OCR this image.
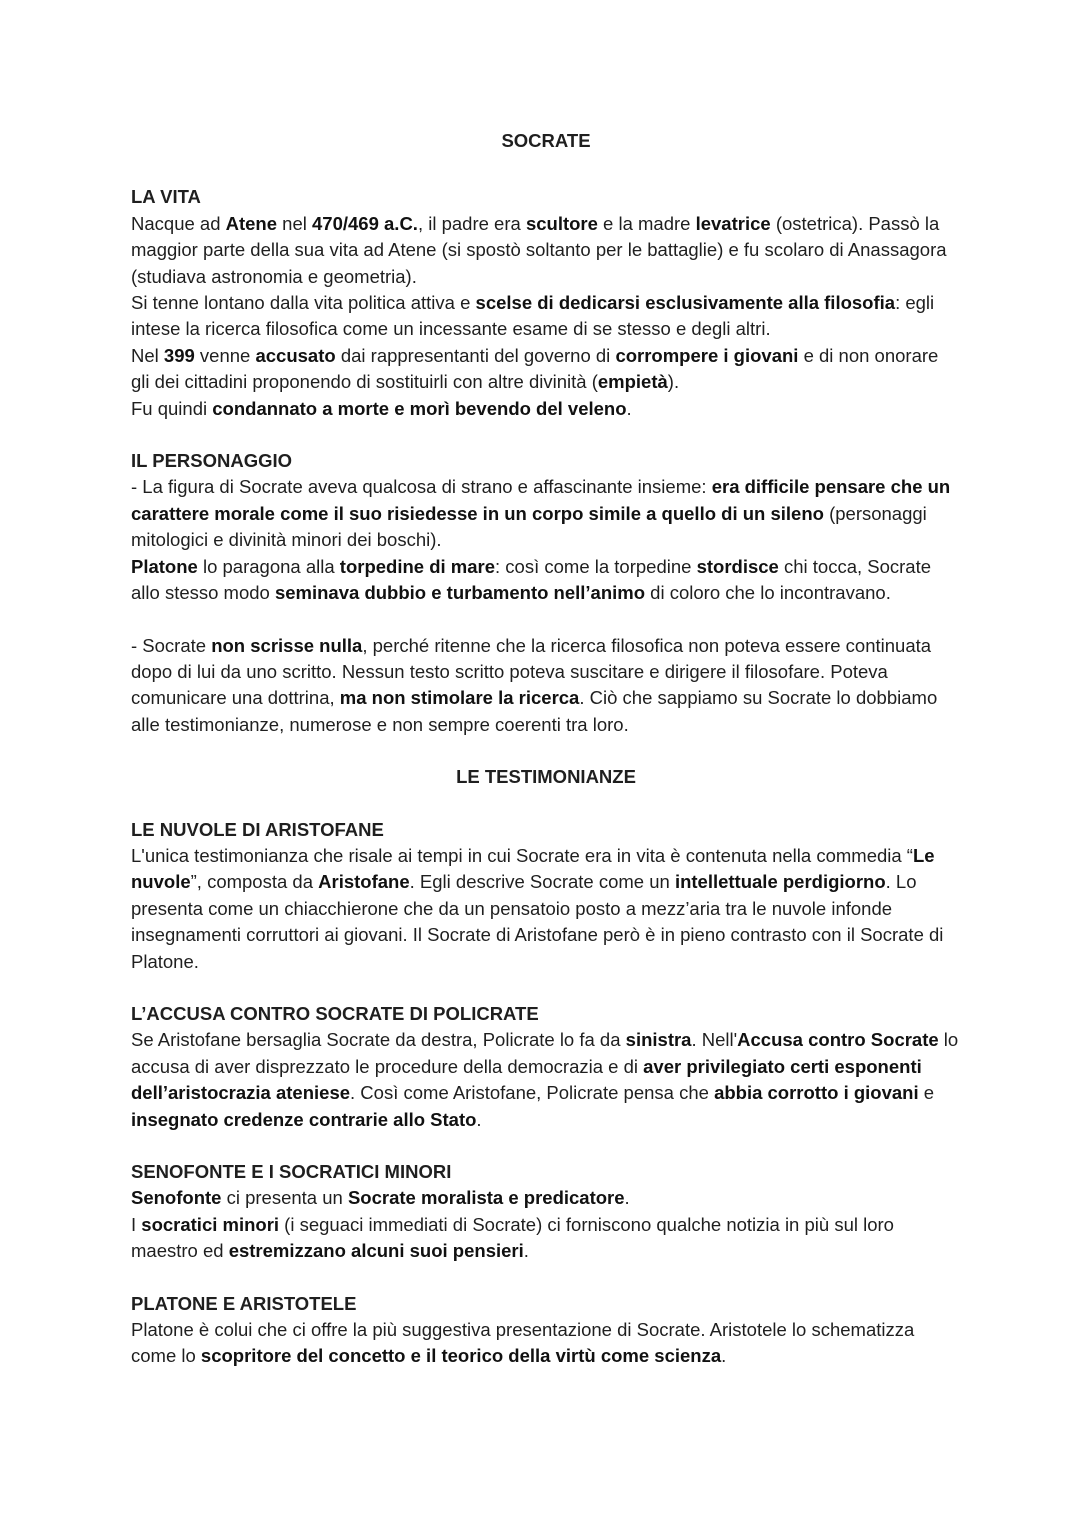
SOCRATE

LA VITA

Nacque ad Atene nel 470/469 a.C., il padre era scultore e la madre levatrice (ostetrica). Passò la maggior parte della sua vita ad Atene (si spostò soltanto per le battaglie) e fu scolaro di Anassagora (studiava astronomia e geometria).

Si tenne lontano dalla vita politica attiva e scelse di dedicarsi esclusivamente alla filosofia: egli intese la ricerca filosofica come un incessante esame di se stesso e degli altri.

Nel 399 venne accusato dai rappresentanti del governo di corrompere i giovani e di non onorare gli dei cittadini proponendo di sostituirli con altre divinità (empietà).

Fu quindi condannato a morte e morì bevendo del veleno.

IL PERSONAGGIO

- La figura di Socrate aveva qualcosa di strano e affascinante insieme: era difficile pensare che un carattere morale come il suo risiedesse in un corpo simile a quello di un sileno (personaggi mitologici e divinità minori dei boschi).

Platone lo paragona alla torpedine di mare: così come la torpedine stordisce chi tocca, Socrate allo stesso modo seminava dubbio e turbamento nell’animo di coloro che lo incontravano.

- Socrate non scrisse nulla, perché ritenne che la ricerca filosofica non poteva essere continuata dopo di lui da uno scritto. Nessun testo scritto poteva suscitare e dirigere il filosofare. Poteva comunicare una dottrina, ma non stimolare la ricerca. Ciò che sappiamo su Socrate lo dobbiamo alle testimonianze, numerose e non sempre coerenti tra loro.

LE TESTIMONIANZE

LE NUVOLE DI ARISTOFANE

L'unica testimonianza che risale ai tempi in cui Socrate era in vita è contenuta nella commedia “Le nuvole”, composta da Aristofane. Egli descrive Socrate come un intellettuale perdigiorno. Lo presenta come un chiacchierone che da un pensatoio posto a mezz’aria tra le nuvole infonde insegnamenti corruttori ai giovani. Il Socrate di Aristofane però è in pieno contrasto con il Socrate di Platone.

L’ACCUSA CONTRO SOCRATE DI POLICRATE

Se Aristofane bersaglia Socrate da destra, Policrate lo fa da sinistra. Nell'Accusa contro Socrate lo accusa di aver disprezzato le procedure della democrazia e di aver privilegiato certi esponenti dell’aristocrazia ateniese. Così come Aristofane, Policrate pensa che abbia corrotto i giovani e insegnato credenze contrarie allo Stato.

SENOFONTE E I SOCRATICI MINORI

Senofonte ci presenta un Socrate moralista e predicatore.

I socratici minori (i seguaci immediati di Socrate) ci forniscono qualche notizia in più sul loro maestro ed estremizzano alcuni suoi pensieri.

PLATONE E ARISTOTELE

Platone è colui che ci offre la più suggestiva presentazione di Socrate. Aristotele lo schematizza come lo scopritore del concetto e il teorico della virtù come scienza.
